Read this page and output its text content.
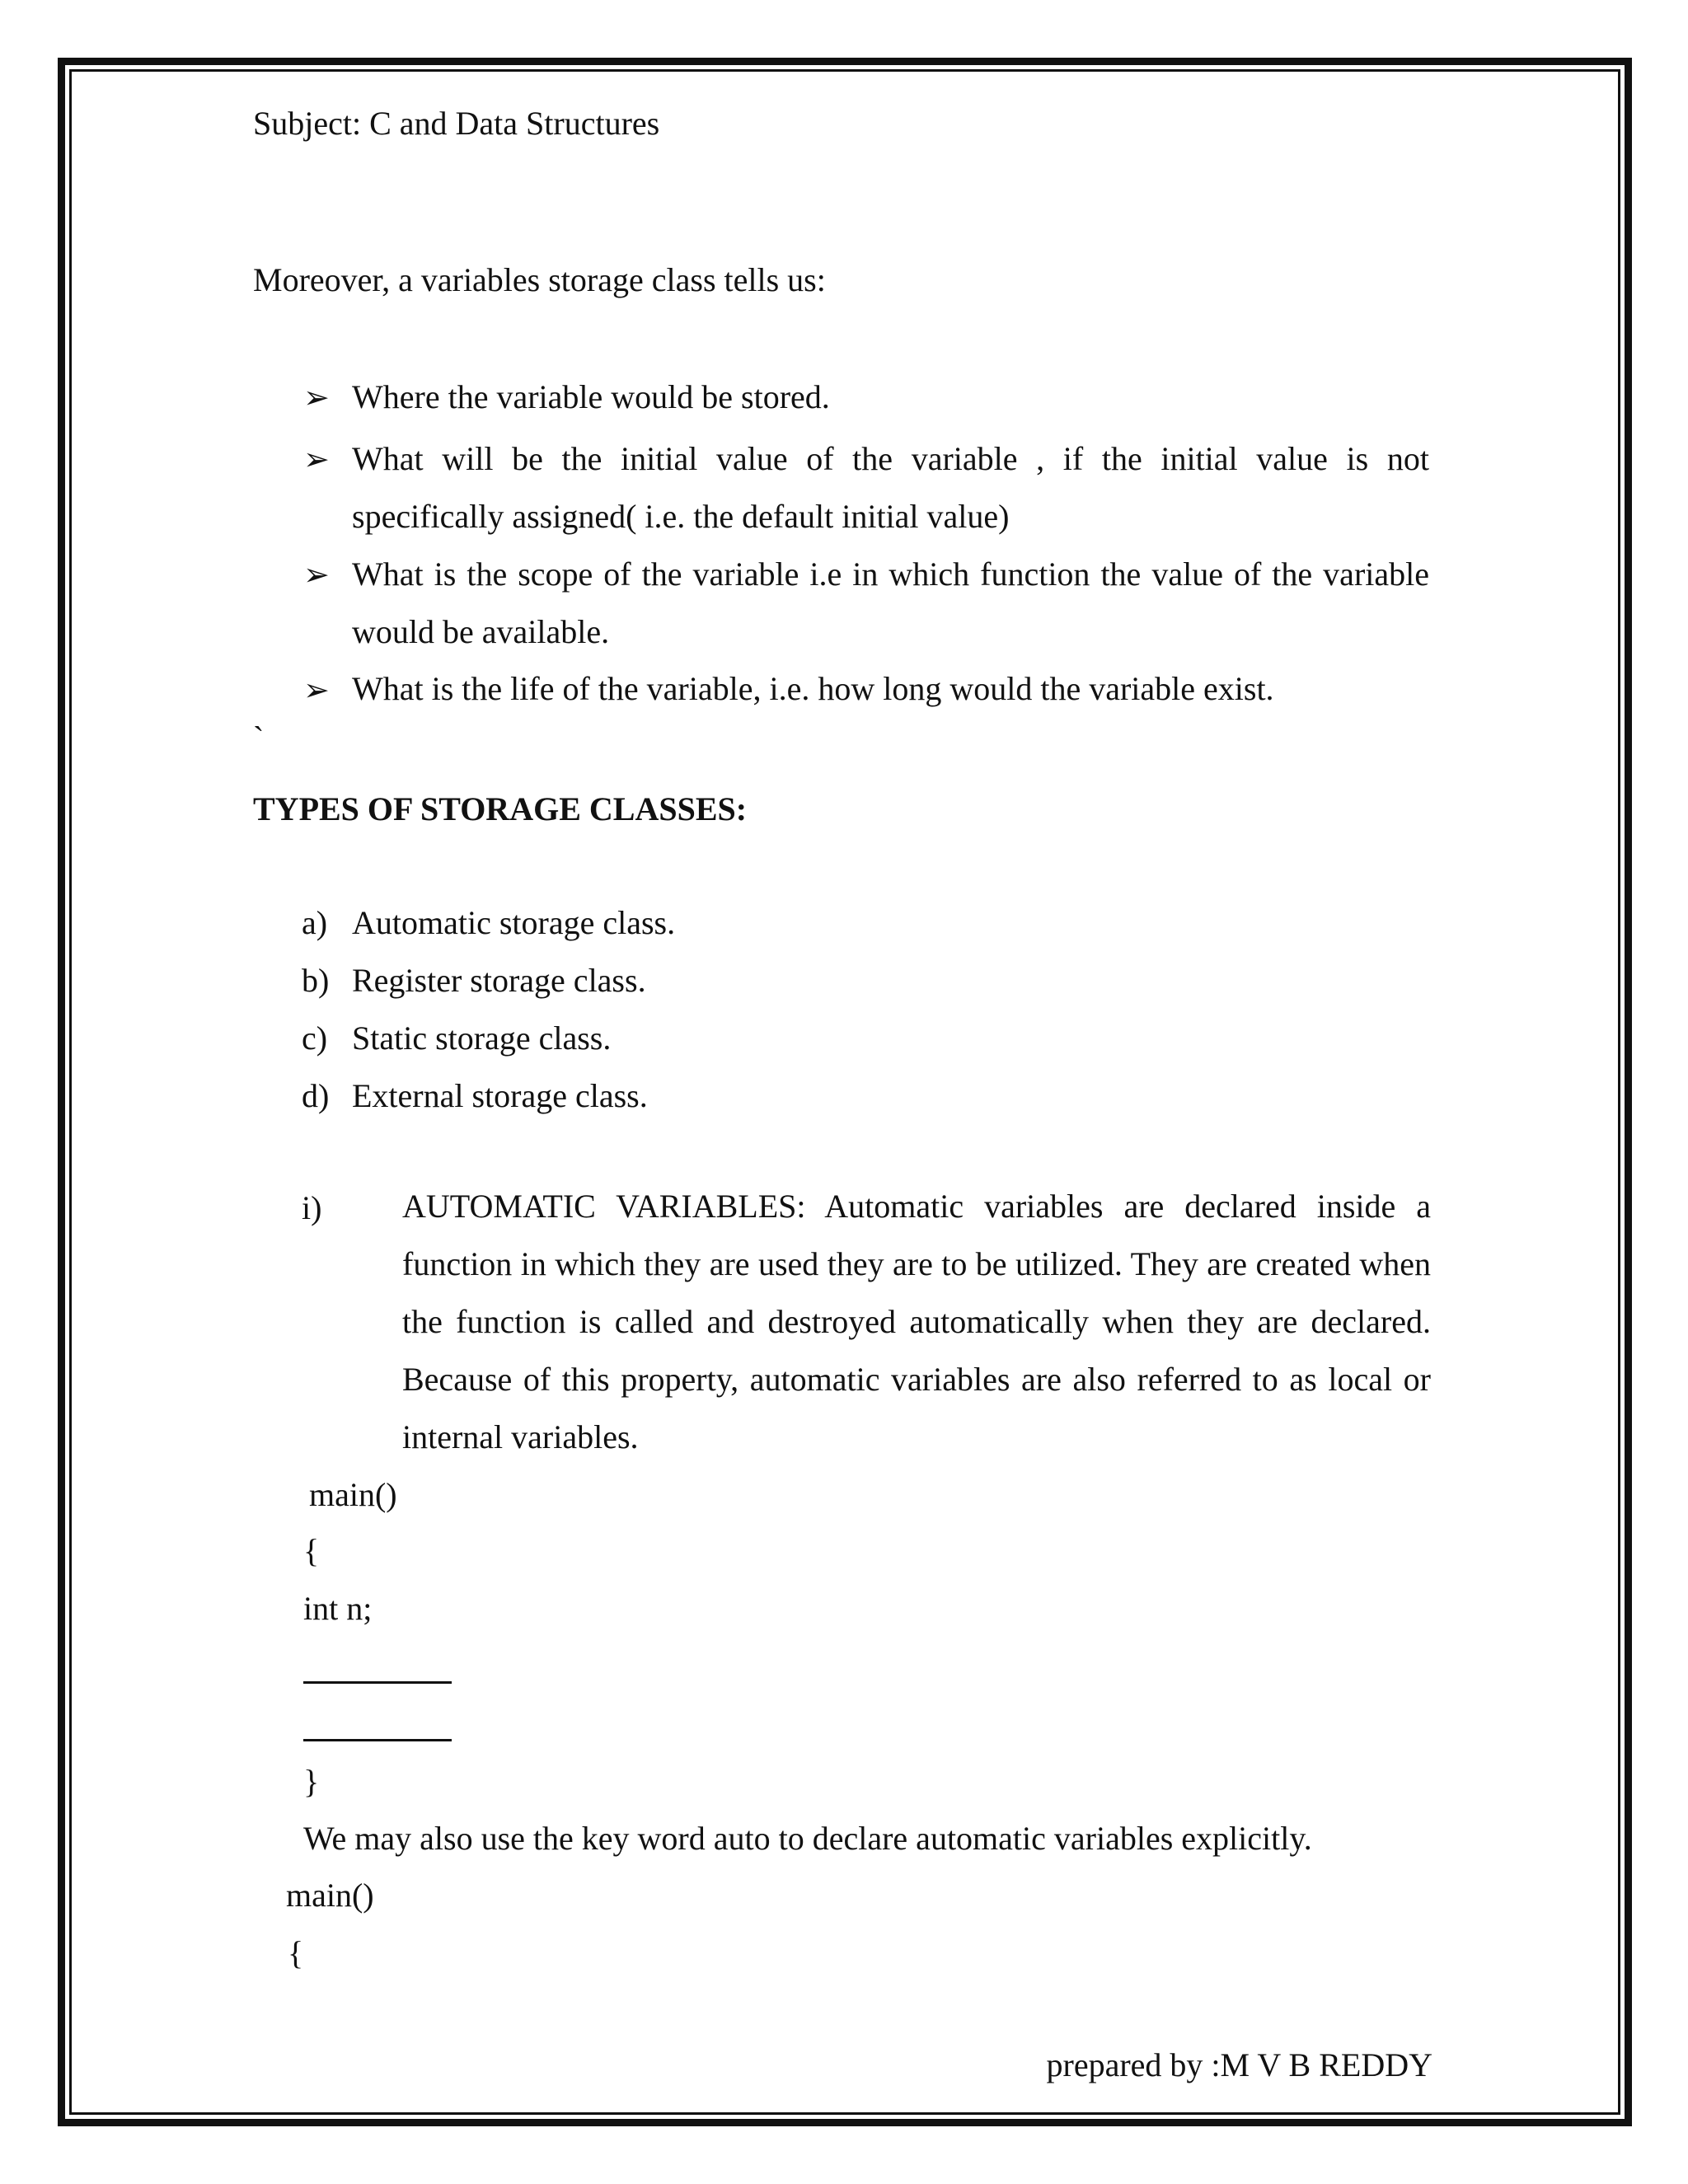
Subject: C and Data Structures
Moreover, a variables storage class tells us:
➢ Where the variable would be stored.
➢ What will be the initial value of the variable , if the initial value is not
specifically assigned( i.e. the default initial value)
➢ What is the scope of the variable i.e in which function the value of the variable
would be available.
➢ What is the life of the variable, i.e. how long would the variable exist.
`
TYPES OF STORAGE CLASSES:
a) Automatic storage class.
b) Register storage class.
c) Static storage class.
d) External storage class.
i) AUTOMATIC VARIABLES: Automatic variables are declared inside a
function in which they are used they are to be utilized. They are created when
the function is called and destroyed automatically when they are declared.
Because of this property, automatic variables are also referred to as local or
internal variables.
main()
{
int n;
}
We may also use the key word auto to declare automatic variables explicitly.
main()
{
prepared by :M V B REDDY
